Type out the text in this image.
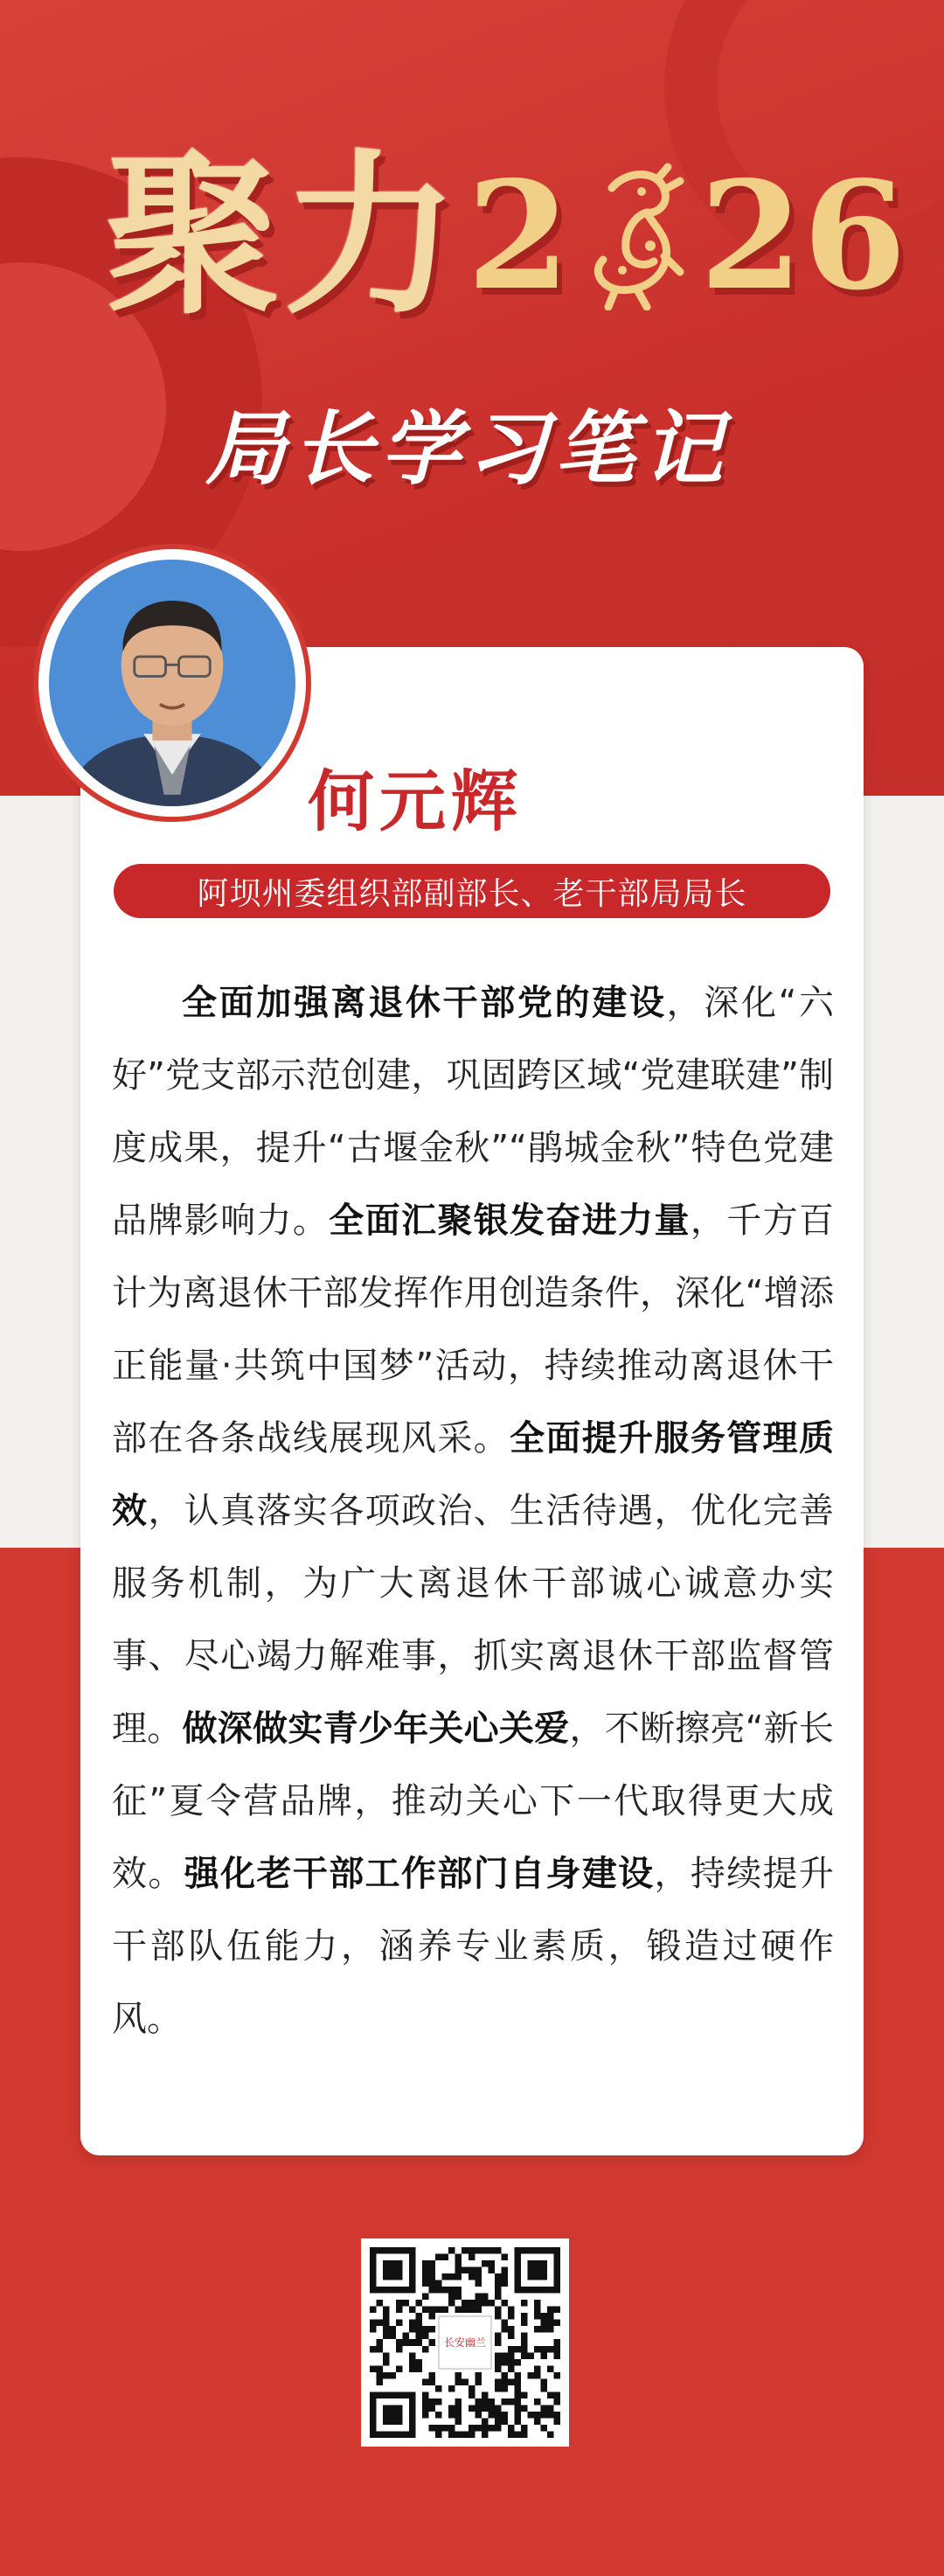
聚力 2 26
局长学习笔记
何元辉
阿坝州委组织部副部长、老干部局局长

全面加强离退休干部党的建设，深化“六好”党支部示范创建，巩固跨区域“党建联建”制度成果，提升“古堰金秋”“鹃城金秋”特色党建品牌影响力。全面汇聚银发奋进力量，千方百计为离退休干部发挥作用创造条件，深化“增添正能量·共筑中国梦”活动，持续推动离退休干部在各条战线展现风采。全面提升服务管理质效，认真落实各项政治、生活待遇，优化完善服务机制，为广大离退休干部诚心诚意办实事、尽心竭力解难事，抓实离退休干部监督管理。做深做实青少年关心关爱，不断擦亮“新长征”夏令营品牌，推动关心下一代取得更大成效。强化老干部工作部门自身建设，持续提升干部队伍能力，涵养专业素质，锻造过硬作风。

长安幽兰
